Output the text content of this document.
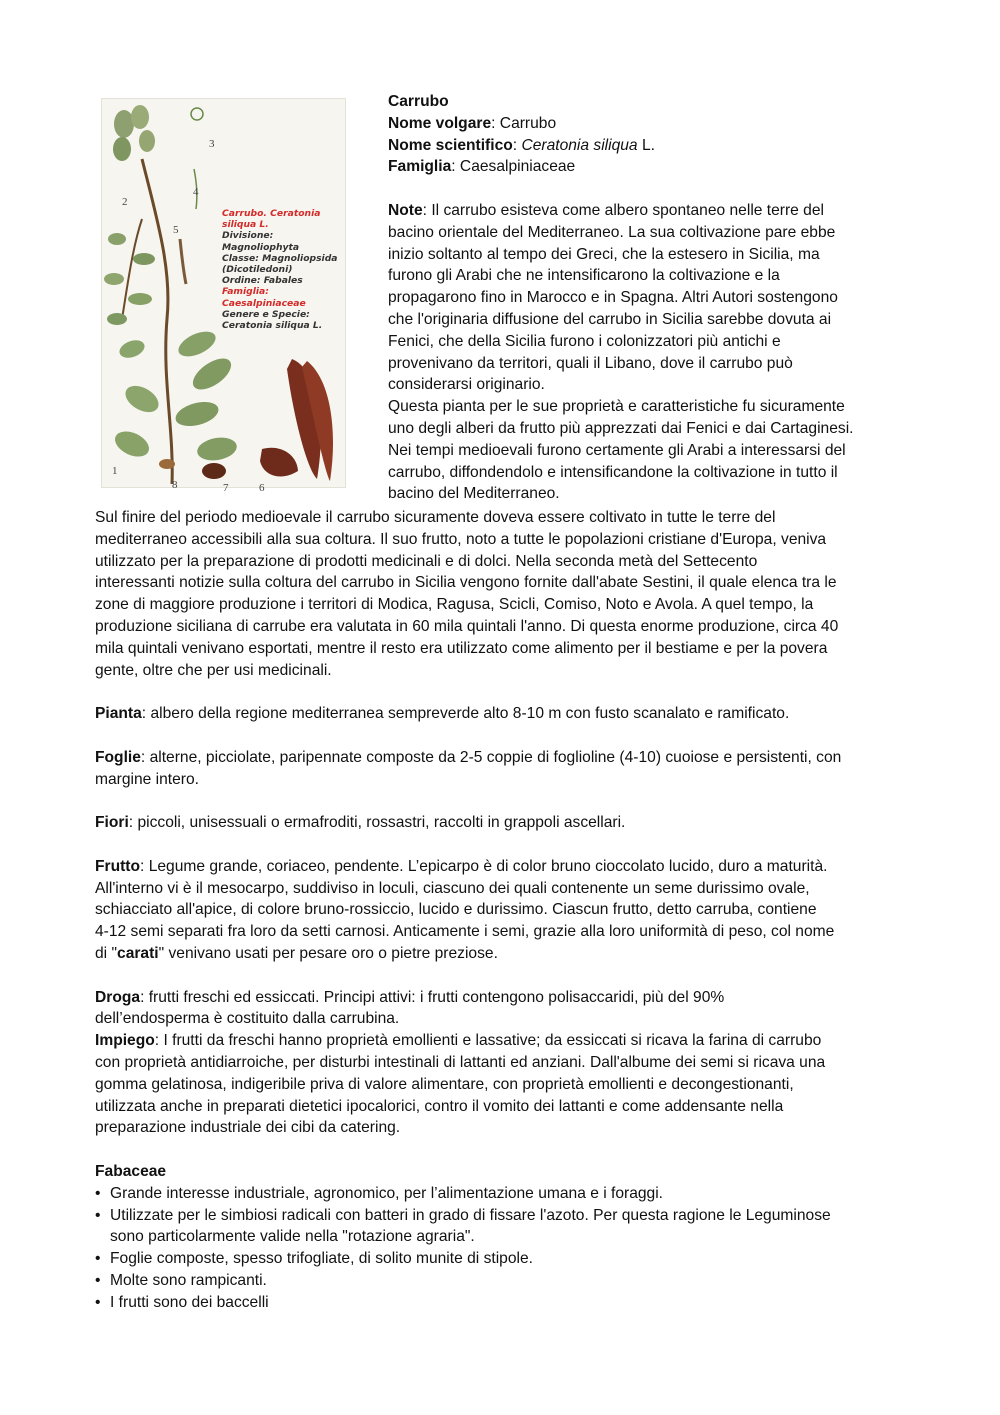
3
4
2
5
1
8	7	6
Carrubo. Ceratonia siliqua L.
Divisione: Magnoliophyta
Classe: Magnoliopsida
(Dicotiledoni)
Ordine: Fabales
Famiglia: Caesalpiniaceae
Genere e Specie:
Ceratonia siliqua L.

Carrubo

Nome volgare: Carrubo

Nome scientifico: Ceratonia siliqua L.

Famiglia: Caesalpiniaceae

Note: Il carrubo esisteva come albero spontaneo nelle terre del

bacino orientale del Mediterraneo. La sua coltivazione pare ebbe

inizio soltanto al tempo dei Greci, che la estesero in Sicilia, ma

furono gli Arabi che ne intensificarono la coltivazione e la

propagarono fino in Marocco e in Spagna. Altri Autori sostengono

che l'originaria diffusione del carrubo in Sicilia sarebbe dovuta ai

Fenici, che della Sicilia furono i colonizzatori più antichi e

provenivano da territori, quali il Libano, dove il carrubo può

considerarsi originario.

Questa pianta per le sue proprietà e caratteristiche fu sicuramente

uno degli alberi da frutto più apprezzati dai Fenici e dai Cartaginesi.

Nei tempi medioevali furono certamente gli Arabi a interessarsi del

carrubo, diffondendolo e intensificandone la coltivazione in tutto il

bacino del Mediterraneo.

Sul finire del periodo medioevale il carrubo sicuramente doveva essere coltivato in tutte le terre del

mediterraneo accessibili alla sua coltura. Il suo frutto, noto a tutte le popolazioni cristiane d'Europa, veniva

utilizzato per la preparazione di prodotti medicinali e di dolci. Nella seconda metà del Settecento

interessanti notizie sulla coltura del carrubo in Sicilia vengono fornite dall'abate Sestini, il quale elenca tra le

zone di maggiore produzione i territori di Modica, Ragusa, Scicli, Comiso, Noto e Avola. A quel tempo, la

produzione siciliana di carrube era valutata in 60 mila quintali l'anno. Di questa enorme produzione, circa 40

mila quintali venivano esportati, mentre il resto era utilizzato come alimento per il bestiame e per la povera

gente, oltre che per usi medicinali.

Pianta: albero della regione mediterranea sempreverde alto 8-10 m con fusto scanalato e ramificato.

Foglie: alterne, picciolate, paripennate composte da 2-5 coppie di foglioline (4-10) cuoiose e persistenti, con

margine intero.

Fiori: piccoli, unisessuali o ermafroditi, rossastri, raccolti in grappoli ascellari.

Frutto: Legume grande, coriaceo, pendente. L’epicarpo è di color bruno cioccolato lucido, duro a maturità.

All'interno vi è il mesocarpo, suddiviso in loculi, ciascuno dei quali contenente un seme durissimo ovale,

schiacciato all'apice, di colore bruno-rossiccio, lucido e durissimo. Ciascun frutto, detto carruba, contiene

4-12 semi separati fra loro da setti carnosi. Anticamente i semi, grazie alla loro uniformità di peso, col nome

di "carati" venivano usati per pesare oro o pietre preziose.

Droga: frutti freschi ed essiccati. Principi attivi: i frutti contengono polisaccaridi, più del 90%

dell’endosperma è costituito dalla carrubina.

Impiego: I frutti da freschi hanno proprietà emollienti e lassative; da essiccati si ricava la farina di carrubo

con proprietà antidiarroiche, per disturbi intestinali di lattanti ed anziani. Dall'albume dei semi si ricava una

gomma gelatinosa, indigeribile priva di valore alimentare, con proprietà emollienti e decongestionanti,

utilizzata anche in preparati dietetici ipocalorici, contro il vomito dei lattanti e come addensante nella

preparazione industriale dei cibi da catering.

Fabaceae

• Grande interesse industriale, agronomico, per l’alimentazione umana e i foraggi.
• Utilizzate per le simbiosi radicali con batteri in grado di fissare l'azoto. Per questa ragione le Leguminose
sono particolarmente valide nella "rotazione agraria".
• Foglie composte, spesso trifogliate, di solito munite di stipole.
• Molte sono rampicanti.
• I frutti sono dei baccelli
